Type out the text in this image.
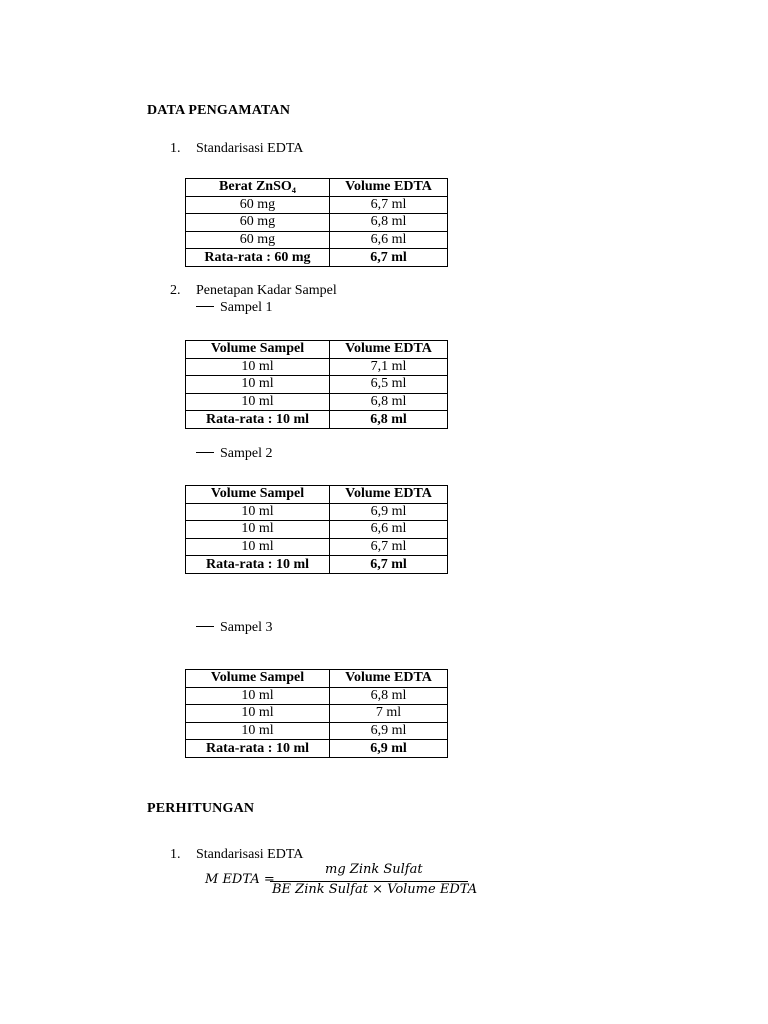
DATA PENGAMATAN
1. Standarisasi EDTA
Berat ZnSO₄	Volume EDTA
60 mg	6,7 ml
60 mg	6,8 ml
60 mg	6,6 ml
Rata-rata : 60 mg	6,7 ml
2. Penetapan Kadar Sampel
Sampel 1
Volume Sampel	Volume EDTA
10 ml	7,1 ml
10 ml	6,5 ml
10 ml	6,8 ml
Rata-rata : 10 ml	6,8 ml
Sampel 2
Volume Sampel	Volume EDTA
10 ml	6,9 ml
10 ml	6,6 ml
10 ml	6,7 ml
Rata-rata : 10 ml	6,7 ml
Sampel 3
Volume Sampel	Volume EDTA
10 ml	6,8 ml
10 ml	7 ml
10 ml	6,9 ml
Rata-rata : 10 ml	6,9 ml
PERHITUNGAN
1. Standarisasi EDTA
M EDTA =
mg Zink Sulfat
BE Zink Sulfat × Volume EDTA
